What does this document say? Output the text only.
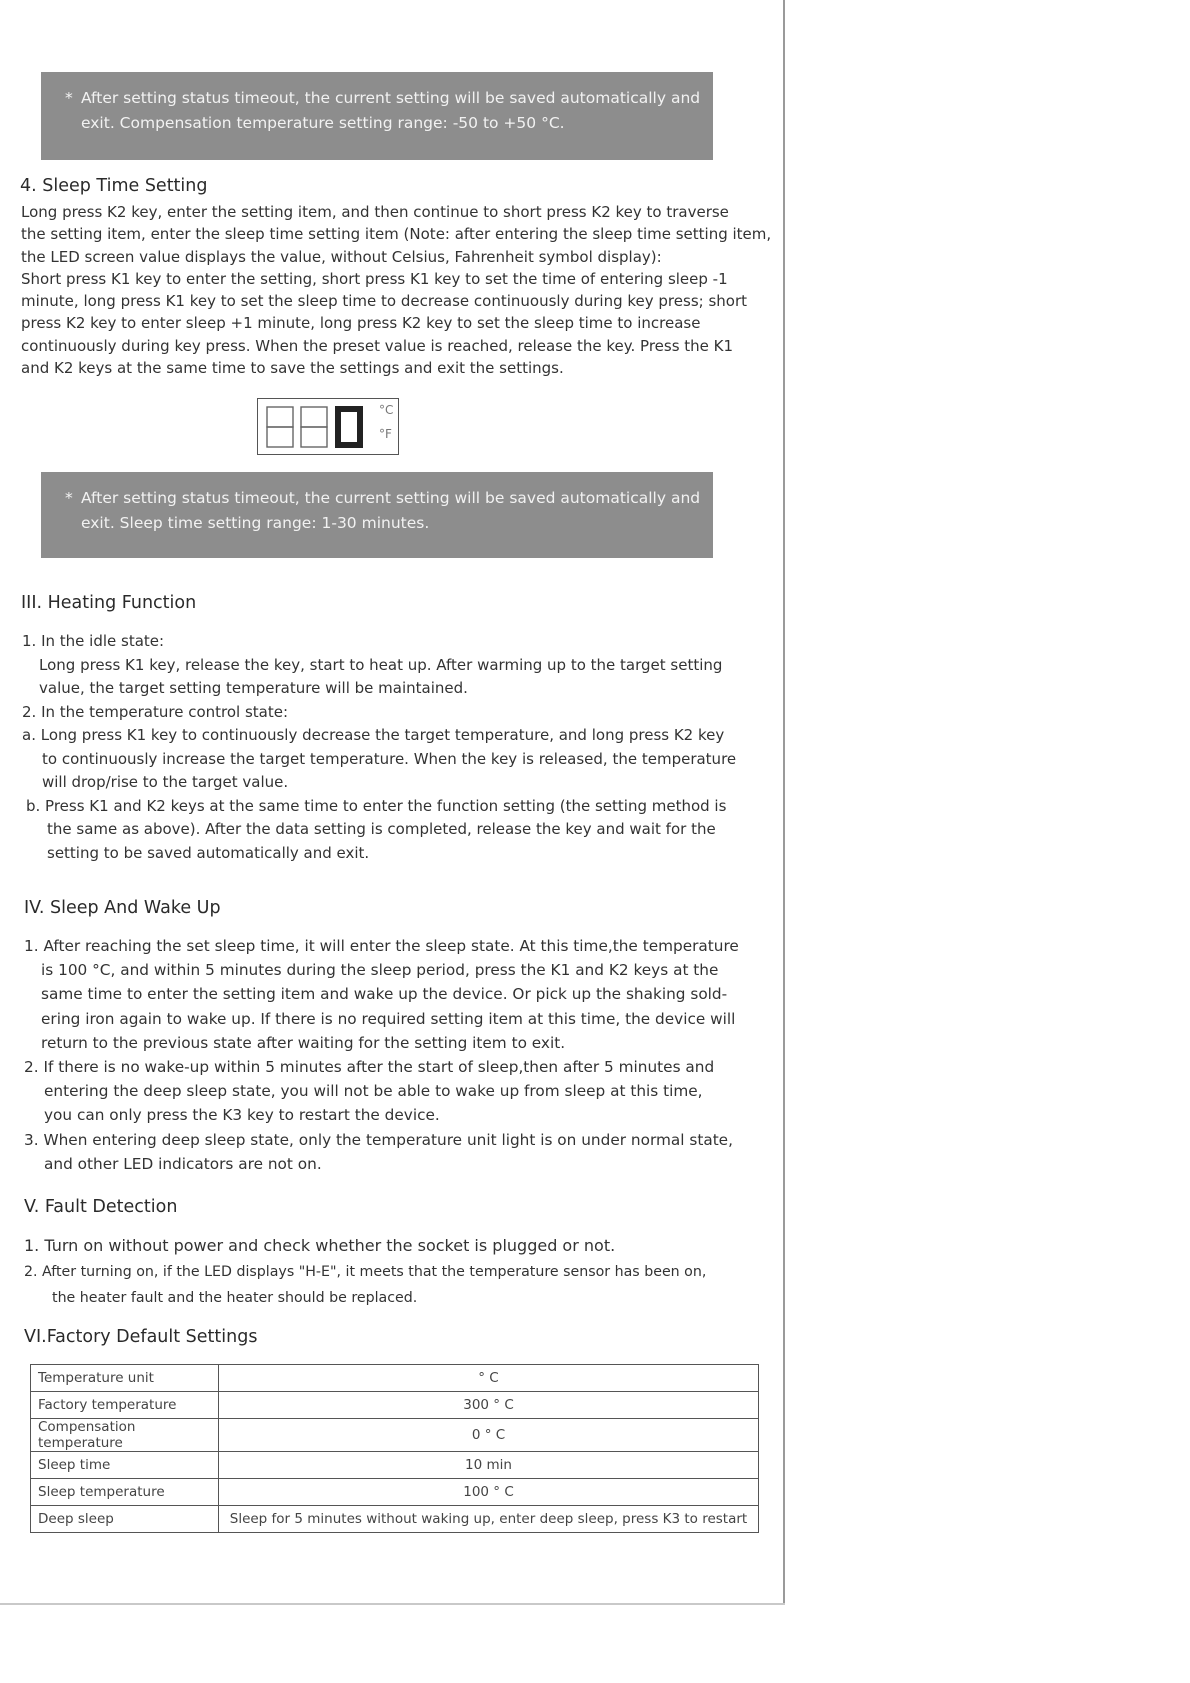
* After setting status timeout, the current setting will be saved automatically and
exit. Compensation temperature setting range: -50 to +50 °C.
4. Sleep Time Setting
Long press K2 key, enter the setting item, and then continue to short press K2 key to traverse
the setting item, enter the sleep time setting item (Note: after entering the sleep time setting item,
the LED screen value displays the value, without Celsius, Fahrenheit symbol display):
Short press K1 key to enter the setting, short press K1 key to set the time of entering sleep -1
minute, long press K1 key to set the sleep time to decrease continuously during key press; short
press K2 key to enter sleep +1 minute, long press K2 key to set the sleep time to increase
continuously during key press. When the preset value is reached, release the key. Press the K1
and K2 keys at the same time to save the settings and exit the settings.
°C
°F
* After setting status timeout, the current setting will be saved automatically and
exit. Sleep time setting range: 1-30 minutes.
III. Heating Function
1. In the idle state:
Long press K1 key, release the key, start to heat up. After warming up to the target setting
value, the target setting temperature will be maintained.
2. In the temperature control state:
a. Long press K1 key to continuously decrease the target temperature, and long press K2 key
to continuously increase the target temperature. When the key is released, the temperature
will drop/rise to the target value.
b. Press K1 and K2 keys at the same time to enter the function setting (the setting method is
the same as above). After the data setting is completed, release the key and wait for the
setting to be saved automatically and exit.
IV. Sleep And Wake Up
1. After reaching the set sleep time, it will enter the sleep state. At this time,the temperature
is 100 °C, and within 5 minutes during the sleep period, press the K1 and K2 keys at the
same time to enter the setting item and wake up the device. Or pick up the shaking sold-
ering iron again to wake up. If there is no required setting item at this time, the device will
return to the previous state after waiting for the setting item to exit.
2. If there is no wake-up within 5 minutes after the start of sleep,then after 5 minutes and
entering the deep sleep state, you will not be able to wake up from sleep at this time,
you can only press the K3 key to restart the device.
3. When entering deep sleep state, only the temperature unit light is on under normal state,
and other LED indicators are not on.
V. Fault Detection
1. Turn on without power and check whether the socket is plugged or not.
2. After turning on, if the LED displays "H-E", it meets that the temperature sensor has been on,
the heater fault and the heater should be replaced.
VI.Factory Default Settings
Temperature unit	° C
Factory temperature	300 ° C
Compensation temperature	0 ° C
Sleep time	10 min
Sleep temperature	100 ° C
Deep sleep	Sleep for 5 minutes without waking up, enter deep sleep, press K3 to restart
